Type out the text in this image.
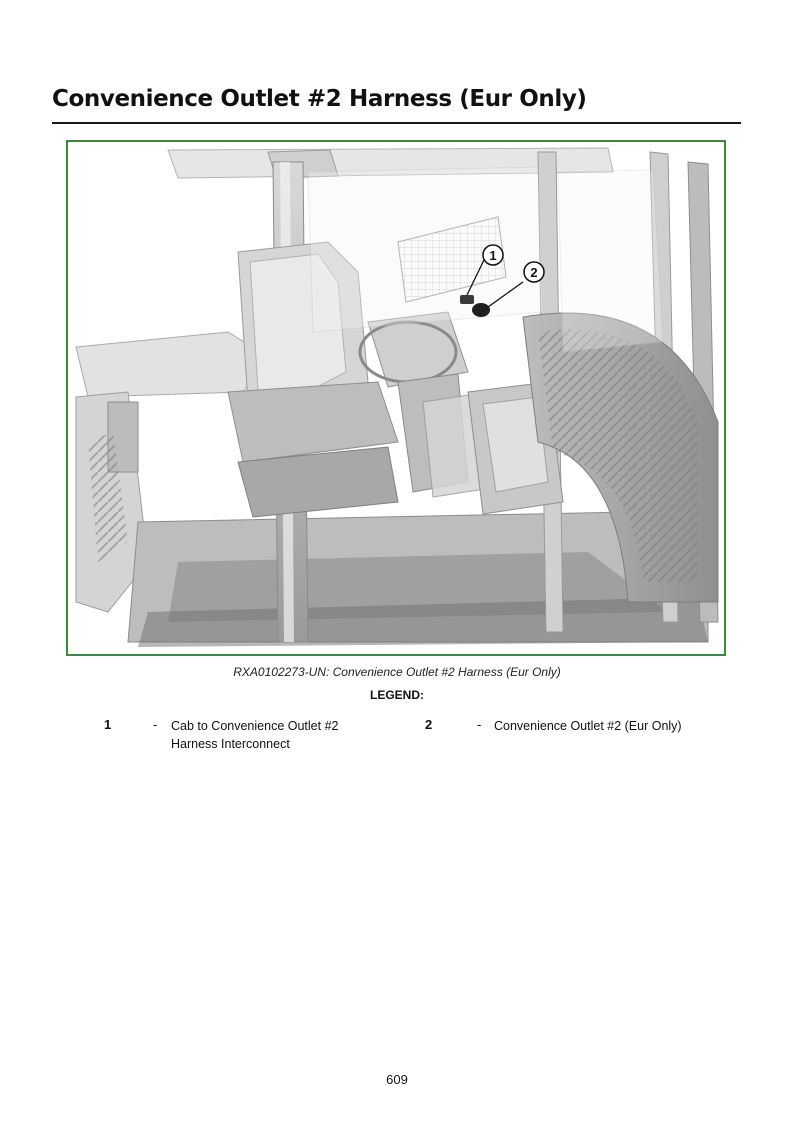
Convenience Outlet #2 Harness (Eur Only)
1
2
RXA0102273-UN: Convenience Outlet #2 Harness (Eur Only)
LEGEND:
1	- Cab to Convenience Outlet #2
Harness Interconnect
2	- Convenience Outlet #2 (Eur Only)
609
